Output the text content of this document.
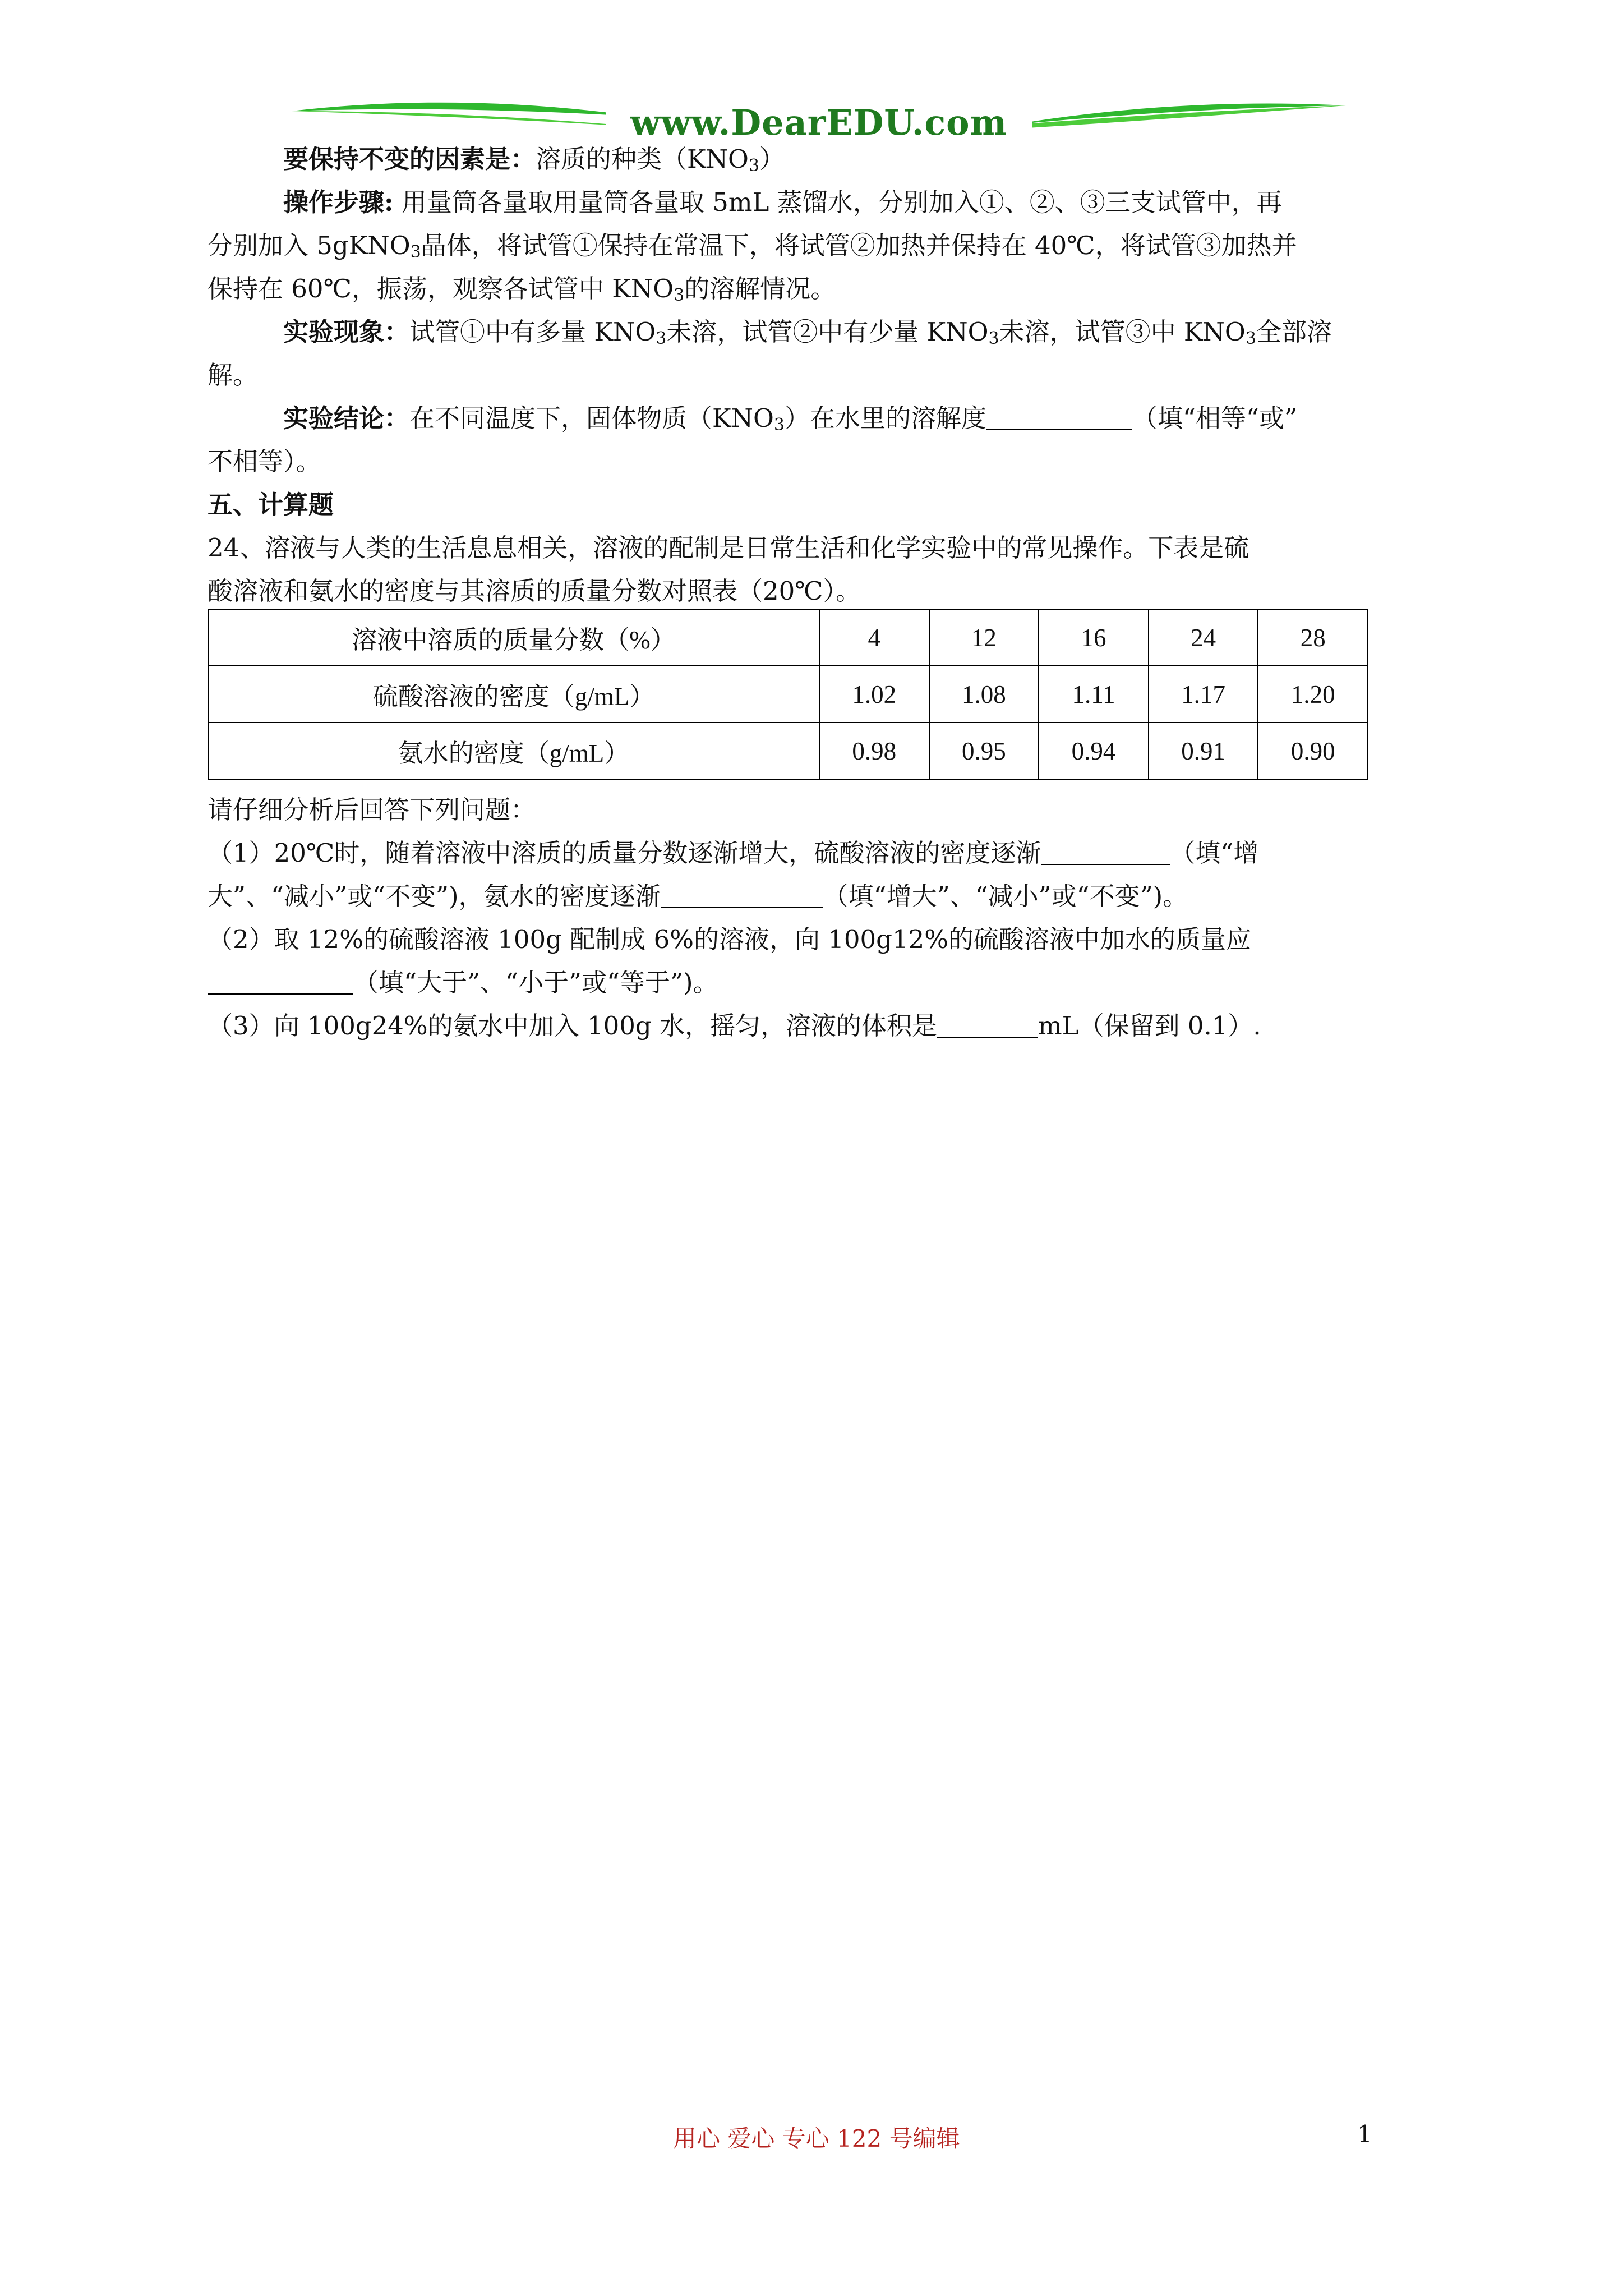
www.DearEDU.com

要保持不变的因素是：溶质的种类$(KNO_3)$

操作步骤: 用量筒各量取用量筒各量取 5mL 蒸馏水，分别加入①、②、③三支试管中，再

分别加入 5gKNO$_3$晶体，将试管①保持在常温下，将试管②加热并保持在 40℃，将试管③加热并

保持在 60℃，振荡，观察各试管中 $KNO_3$的溶解情况。

实验现象：试管①中有多量 $KNO_3$未溶，试管②中有少量 $KNO_3$未溶，试管③中 $KNO_3$全部溶

解。

实验结论：在不同温度下，固体物质$(KNO_3)$在水里的溶解度	（填“相等“或”

不相等）。

五、计算题

24、溶液与人类的生活息息相关，溶液的配制是日常生活和化学实验中的常见操作。下表是硫

酸溶液和氨水的密度与其溶质的质量分数对照表（20℃）。

溶液中溶质的质量分数（%）	4	12	16	24	28
硫酸溶液的密度（g/mL）	1.02	1.08	1.11	1.17	1.20
氨水的密度（g/mL）	0.98	0.95	0.94	0.91	0.90

请仔细分析后回答下列问题：

（1）20℃时，随着溶液中溶质的质量分数逐渐增大，硫酸溶液的密度逐渐	（填“增

大”、“减小”或“不变”)，氨水的密度逐渐	（填“增大”、“减小”或“不变”)。

（2）取 12%的硫酸溶液 100g 配制成 6%的溶液，向 100g12%的硫酸溶液中加水的质量应

（填“大于”、“小于”或“等于”)。

（3）向 100g24%的氨水中加入 100g 水，摇匀，溶液的体积是	mL（保留到 0.1）.

用心 爱心 专心 122 号编辑	1
